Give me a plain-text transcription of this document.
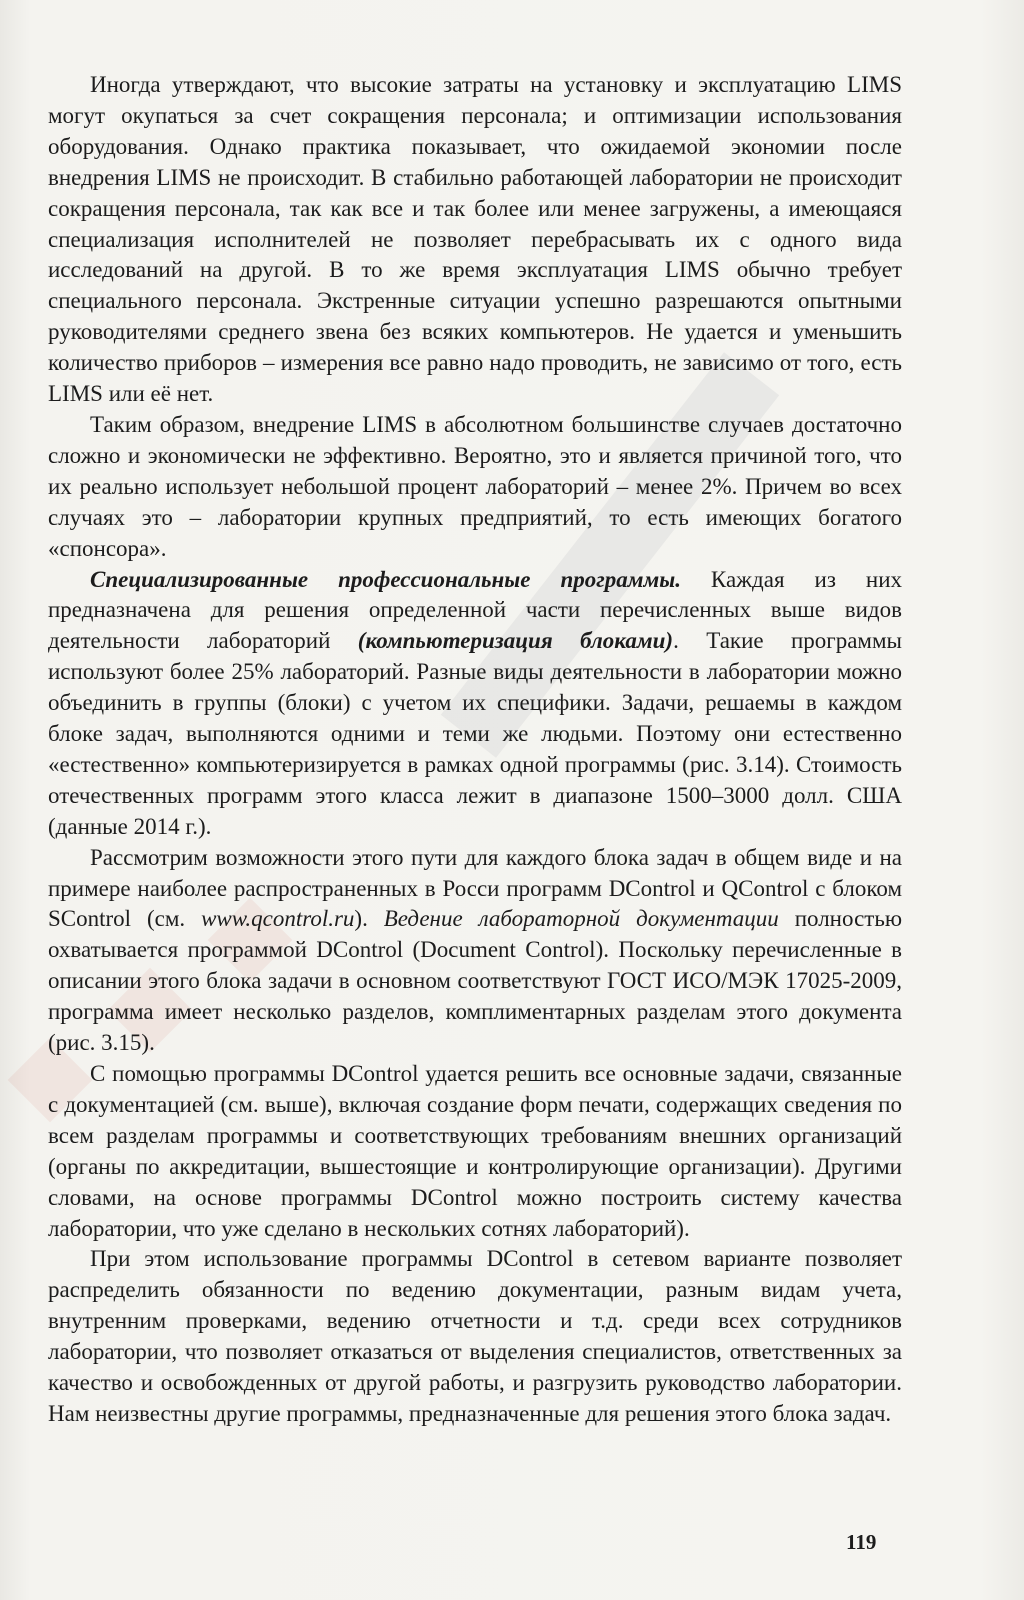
Иногда утверждают, что высокие затраты на установку и эксплуатацию LIMS могут окупаться за счет сокращения персонала; и оптимизации использования оборудования. Однако практика показывает, что ожидаемой экономии после внедрения LIMS не происходит. В стабильно работающей лаборатории не происходит сокращения персонала, так как все и так более или менее загружены, а имеющаяся специализация исполнителей не позволяет перебрасывать их с одного вида исследований на другой. В то же время эксплуатация LIMS обычно требует специального персонала. Экстренные ситуации успешно разрешаются опытными руководителями среднего звена без всяких компьютеров. Не удается и уменьшить количество приборов – измерения все равно надо проводить, не зависимо от того, есть LIMS или её нет.

Таким образом, внедрение LIMS в абсолютном большинстве случаев достаточно сложно и экономически не эффективно. Вероятно, это и является причиной того, что их реально использует небольшой процент лабораторий – менее 2%. Причем во всех случаях это – лаборатории крупных предприятий, то есть имеющих богатого «спонсора».

Специализированные профессиональные программы. Каждая из них предназначена для решения определенной части перечисленных выше видов деятельности лабораторий (компьютеризация блоками). Такие программы используют более 25% лабораторий. Разные виды деятельности в лаборатории можно объединить в группы (блоки) с учетом их специфики. Задачи, решаемы в каждом блоке задач, выполняются одними и теми же людьми. Поэтому они естественно «естественно» компьютеризируется в рамках одной программы (рис. 3.14). Стоимость отечественных программ этого класса лежит в диапазоне 1500–3000 долл. США (данные 2014 г.).

Рассмотрим возможности этого пути для каждого блока задач в общем виде и на примере наиболее распространенных в Росси программ DControl и QControl с блоком SControl (см. www.qcontrol.ru). Ведение лабораторной документации полностью охватывается программой DControl (Document Control). Поскольку перечисленные в описании этого блока задачи в основном соответствуют ГОСТ ИСО/МЭК 17025-2009, программа имеет несколько разделов, комплиментарных разделам этого документа (рис. 3.15).

С помощью программы DControl удается решить все основные задачи, связанные с документацией (см. выше), включая создание форм печати, содержащих сведения по всем разделам программы и соответствующих требованиям внешних организаций (органы по аккредитации, вышестоящие и контролирующие организации). Другими словами, на основе программы DControl можно построить систему качества лаборатории, что уже сделано в нескольких сотнях лабораторий).

При этом использование программы DControl в сетевом варианте позволяет распределить обязанности по ведению документации, разным видам учета, внутренним проверками, ведению отчетности и т.д. среди всех сотрудников лаборатории, что позволяет отказаться от выделения специалистов, ответственных за качество и освобожденных от другой работы, и разгрузить руководство лаборатории. Нам неизвестны другие программы, предназначенные для решения этого блока задач.

119
